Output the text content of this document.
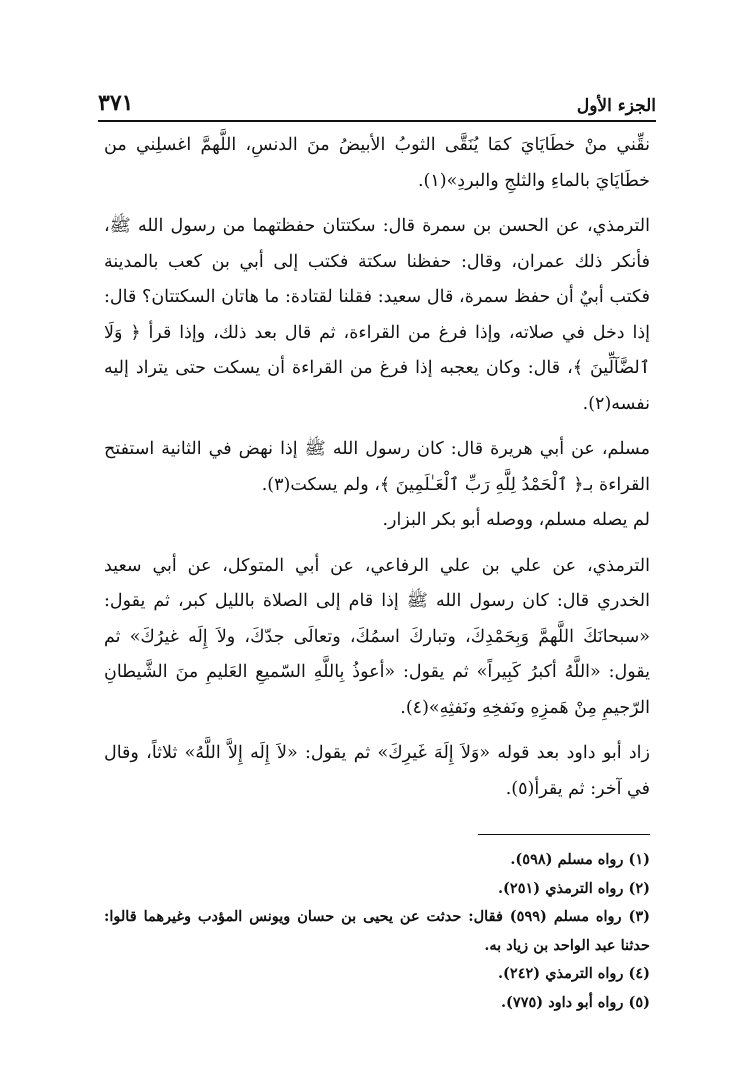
الجزء الأول
٣٧١

نقِّني منْ خطَايَايَ كمَا يُنَقَّى الثوبُ الأبيضُ منَ الدنسِ، اللَّهمَّ اغسلِني من خطَايَايَ بالماءِ والثلجِ والبردِ»(١).

الترمذي، عن الحسن بن سمرة قال: سكتتان حفظتهما من رسول الله ﷺ، فأنكر ذلك عمران، وقال: حفظنا سكتة فكتب إلى أبي بن كعب بالمدينة فكتب أبيٌ أن حفظ سمرة، قال سعيد: فقلنا لقتادة: ما هاتان السكتتان؟ قال: إذا دخل في صلاته، وإذا فرغ من القراءة، ثم قال بعد ذلك، وإذا قرأ ﴿ وَلَا ٱلضَّآلِّينَ ﴾، قال: وكان يعجبه إذا فرغ من القراءة أن يسكت حتى يتراد إليه نفسه(٢).

مسلم، عن أبي هريرة قال: كان رسول الله ﷺ إذا نهض في الثانية استفتح القراءة بـ﴿ ٱلْحَمْدُ لِلَّهِ رَبِّ ٱلْعَـٰلَمِينَ ﴾، ولم يسكت(٣).

لم يصله مسلم، ووصله أبو بكر البزار.

الترمذي، عن علي بن علي الرفاعي، عن أبي المتوكل، عن أبي سعيد الخدري قال: كان رسول الله ﷺ إذا قام إلى الصلاة بالليل كبر، ثم يقول: «سبحانَكَ اللَّهمَّ وَبِحَمْدِكَ، وتباركَ اسمُكَ، وتعالَى جدّكَ، ولاَ إِلَه غيرُكَ» ثم يقول: «اللَّهُ أكبرُ كَبِيراً» ثم يقول: «أعوذُ بِاللَّهِ السّميعِ العَليمِ منَ الشَّيطانِ الرّجيمِ مِنْ هَمزِهِ ونَفخِهِ ونَفثِهِ»(٤).

زاد أبو داود بعد قوله «وَلاَ إِلَهَ غَيرِكَ» ثم يقول: «لاَ إِلَه إِلاَّ اللَّهُ» ثلاثاً، وقال في آخر: ثم يقرأ(٥).

(١) رواه مسلم (٥٩٨).

(٢) رواه الترمذي (٢٥١).

(٣) رواه مسلم (٥٩٩) فقال: حدثت عن يحيى بن حسان ويونس المؤدب وغيرهما قالوا: حدثنا عبد الواحد بن زياد به.

(٤) رواه الترمذي (٢٤٢).

(٥) رواه أبو داود (٧٧٥).
